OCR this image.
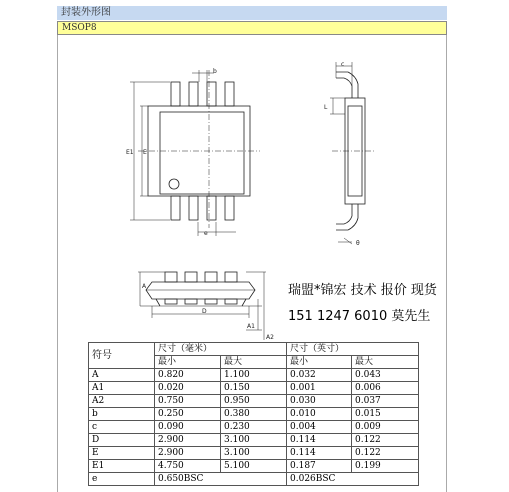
封装外形图
MSOP8
b
e
E1 E
c
L
θ
A
D
A1
A2
瑞盟*锦宏 技术 报价 现货
151 1247 6010 莫先生
符号	尺寸（毫米）		尺寸（英寸）	
	最小	最大	最小	最大
A	0.820	1.100	0.032	0.043
A1	0.020	0.150	0.001	0.006
A2	0.750	0.950	0.030	0.037
b	0.250	0.380	0.010	0.015
c	0.090	0.230	0.004	0.009
D	2.900	3.100	0.114	0.122
E	2.900	3.100	0.114	0.122
E1	4.750	5.100	0.187	0.199
e	0.650BSC		0.026BSC	
